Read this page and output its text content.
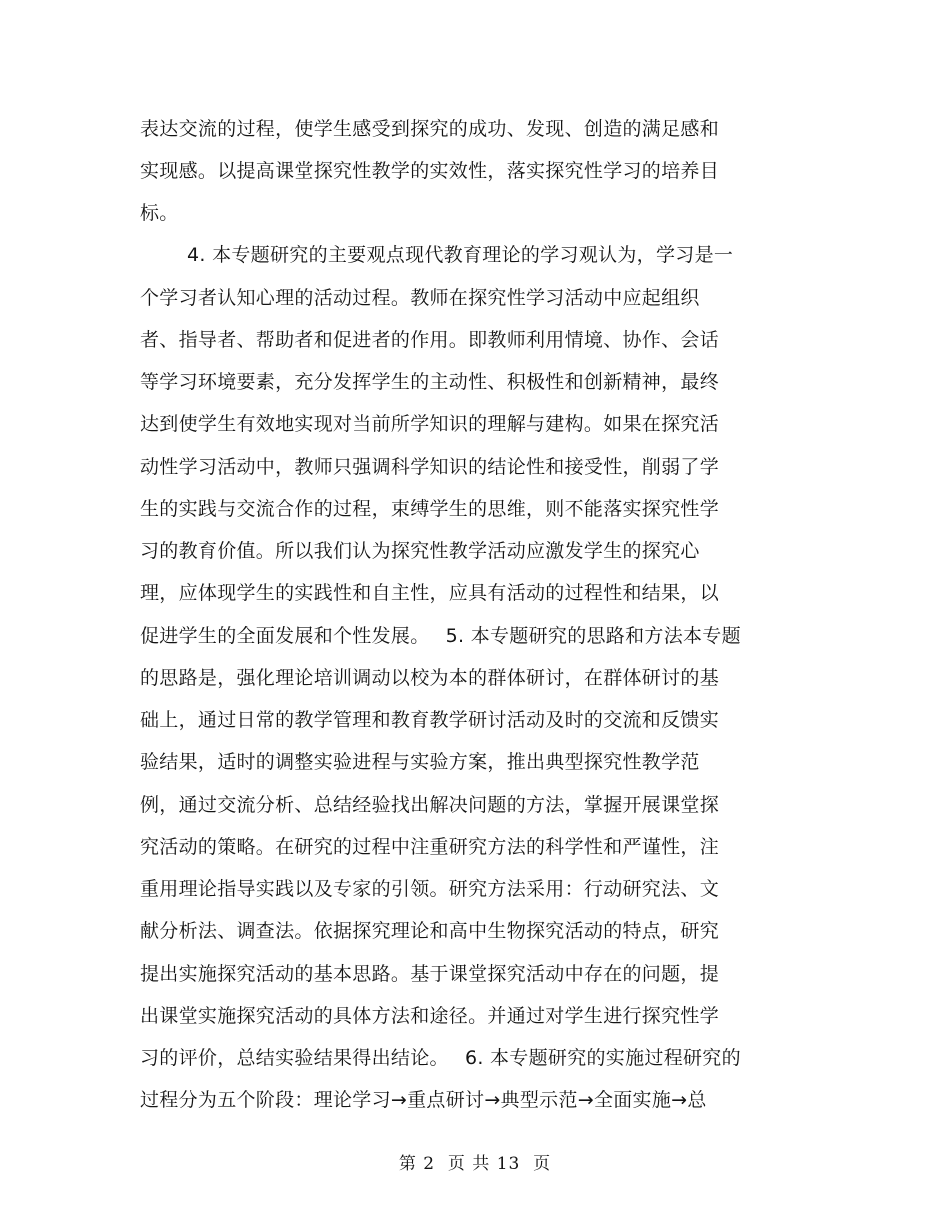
表达交流的过程，使学生感受到探究的成功、发现、创造的满足感和
实现感。以提高课堂探究性教学的实效性，落实探究性学习的培养目
标。
4. 本专题研究的主要观点现代教育理论的学习观认为，学习是一
个学习者认知心理的活动过程。教师在探究性学习活动中应起组织
者、指导者、帮助者和促进者的作用。即教师利用情境、协作、会话
等学习环境要素，充分发挥学生的主动性、积极性和创新精神，最终
达到使学生有效地实现对当前所学知识的理解与建构。如果在探究活
动性学习活动中，教师只强调科学知识的结论性和接受性，削弱了学
生的实践与交流合作的过程，束缚学生的思维，则不能落实探究性学
习的教育价值。所以我们认为探究性教学活动应激发学生的探究心
理，应体现学生的实践性和自主性，应具有活动的过程性和结果，以
促进学生的全面发展和个性发展。　 5. 本专题研究的思路和方法本专题
的思路是，强化理论培训调动以校为本的群体研讨，在群体研讨的基
础上，通过日常的教学管理和教育教学研讨活动及时的交流和反馈实
验结果，适时的调整实验进程与实验方案，推出典型探究性教学范
例，通过交流分析、总结经验找出解决问题的方法，掌握开展课堂探
究活动的策略。在研究的过程中注重研究方法的科学性和严谨性，注
重用理论指导实践以及专家的引领。研究方法采用：行动研究法、文
献分析法、调查法。依据探究理论和高中生物探究活动的特点，研究
提出实施探究活动的基本思路。基于课堂探究活动中存在的问题，提
出课堂实施探究活动的具体方法和途径。并通过对学生进行探究性学
习的评价，总结实验结果得出结论。　 6. 本专题研究的实施过程研究的
过程分为五个阶段：理论学习→重点研讨→典型示范→全面实施→总
第 2  页 共 13  页
